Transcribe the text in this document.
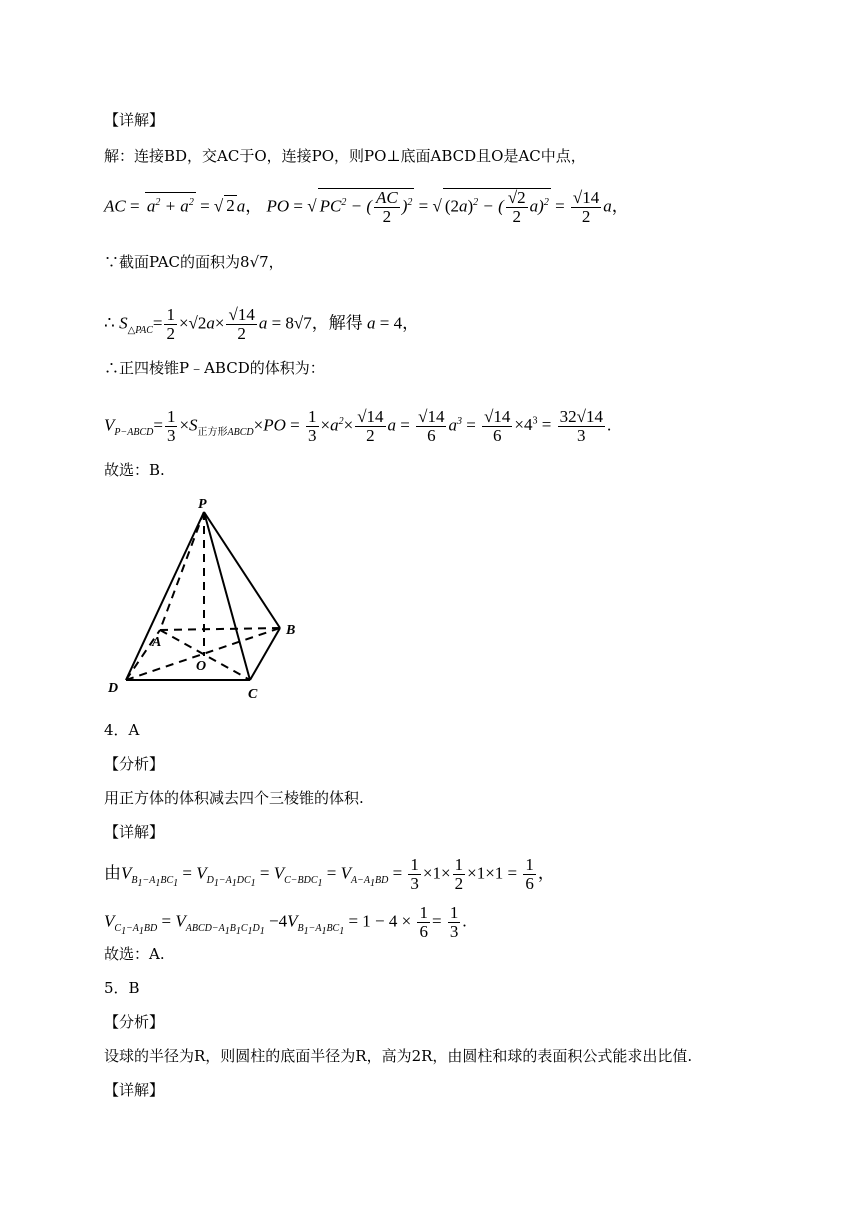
【详解】
解：连接BD，交AC于O，连接PO，则PO⊥底面ABCD且O是AC中点，
AC = $a^2 + a^2$ = √ 2 a， PO = √ $PC^2$ − ( $\frac{AC}{2} )^2$ = √ $(2a)^2$ − ( $\frac{√2}{2} a)^2 = \frac{√14}{2}$ a，
∵截面PAC的面积为8√7，
∴ $S_{\triangle PAC}= \frac{1}{2} \times√2a\times \frac{√14}{2}$ a = 8√7，解得 a = 4，
∴正四棱锥P﹣ABCD的体积为：
$V_{P-ABCD}= \frac{1}{3} \times S_{正方形ABCD}\times PO = \frac{1}{3} \times a^2\times \frac{√14}{2}$ $a = \frac{√14}{6} a^3 = \frac{√14}{6} \times 4^3 = \frac{32√14}{3}$ .
故选：B.
P
A
B
C
D
O
4．A
【分析】
用正方体的体积减去四个三棱锥的体积.
【详解】
由$V_{B_1-A_1BC_1} = V_{D_1-A_1DC_1} = V_{C-BDC_1} = V_{A-A_1BD} = \frac{1}{3} \times 1\times \frac{1}{2} \times 1\times 1 = \frac{1}{6}$ ，
$V_{C_1-A_1BD} = V_{ABCD-A_1B_1C_1D_1} -4V_{B_1-A_1BC_1} = 1 - 4 \times \frac{1}{6} = \frac{1}{3}$ .
故选：A.
5．B
【分析】
设球的半径为R，则圆柱的底面半径为R，高为2R，由圆柱和球的表面积公式能求出比值.
【详解】
